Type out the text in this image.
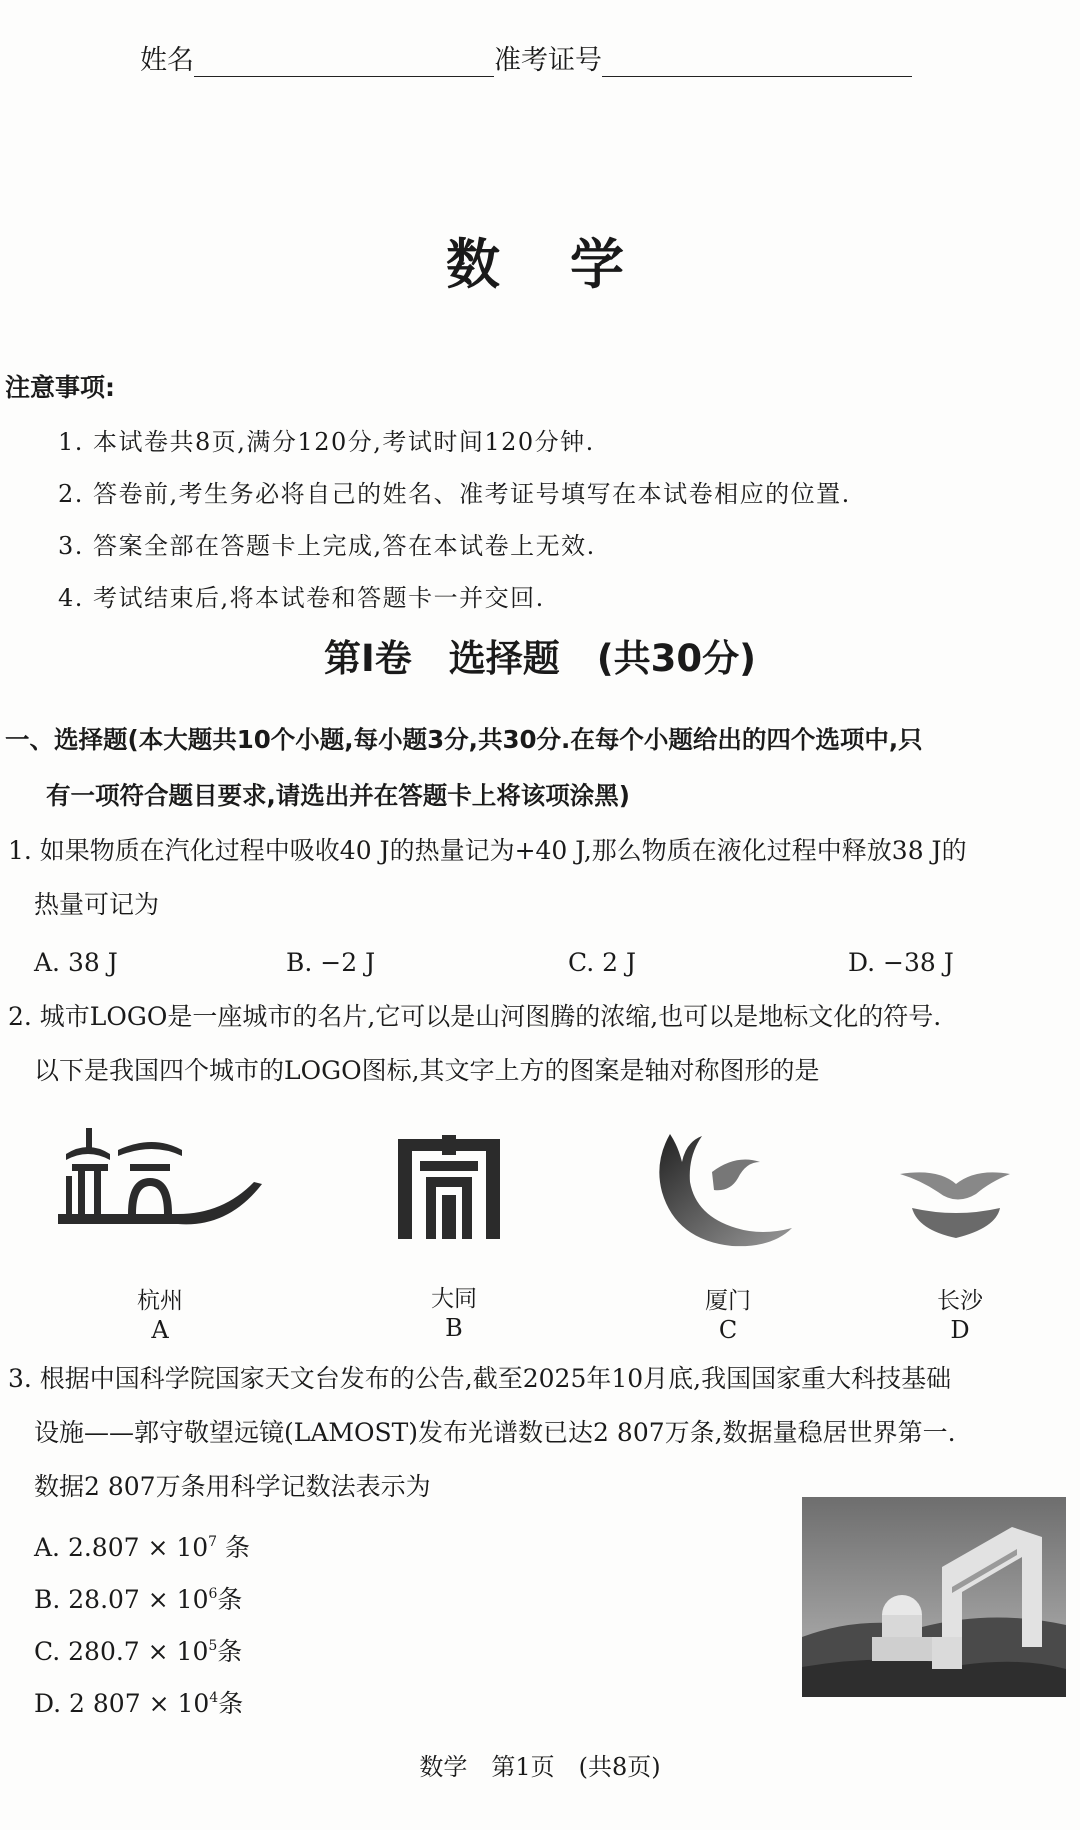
姓名	准考证号
数学
注意事项:
1. 本试卷共8页,满分120分,考试时间120分钟.
2. 答卷前,考生务必将自己的姓名、准考证号填写在本试卷相应的位置.
3. 答案全部在答题卡上完成,答在本试卷上无效.
4. 考试结束后,将本试卷和答题卡一并交回.
第Ⅰ卷　选择题　(共30分)
一、选择题(本大题共10个小题,每小题3分,共30分.在每个小题给出的四个选项中,只
有一项符合题目要求,请选出并在答题卡上将该项涂黑)
1. 如果物质在汽化过程中吸收40 J的热量记为+40 J,那么物质在液化过程中释放38 J的
热量可记为
A. 38 J	B. −2 J	C. 2 J	D. −38 J
2. 城市LOGO是一座城市的名片,它可以是山河图腾的浓缩,也可以是地标文化的符号.
以下是我国四个城市的LOGO图标,其文字上方的图案是轴对称图形的是
杭州	大同	厦门	长沙
A	B	C	D
3. 根据中国科学院国家天文台发布的公告,截至2025年10月底,我国国家重大科技基础
设施——郭守敬望远镜(LAMOST)发布光谱数已达2 807万条,数据量稳居世界第一.
数据2 807万条用科学记数法表示为
A. $2.807 \times 10^7$ 条
B. $28.07 \times 10^6$条
C. $280.7 \times 10^5$条
D. 2 $807 \times 10^4$条
数学　第1页　(共8页)
